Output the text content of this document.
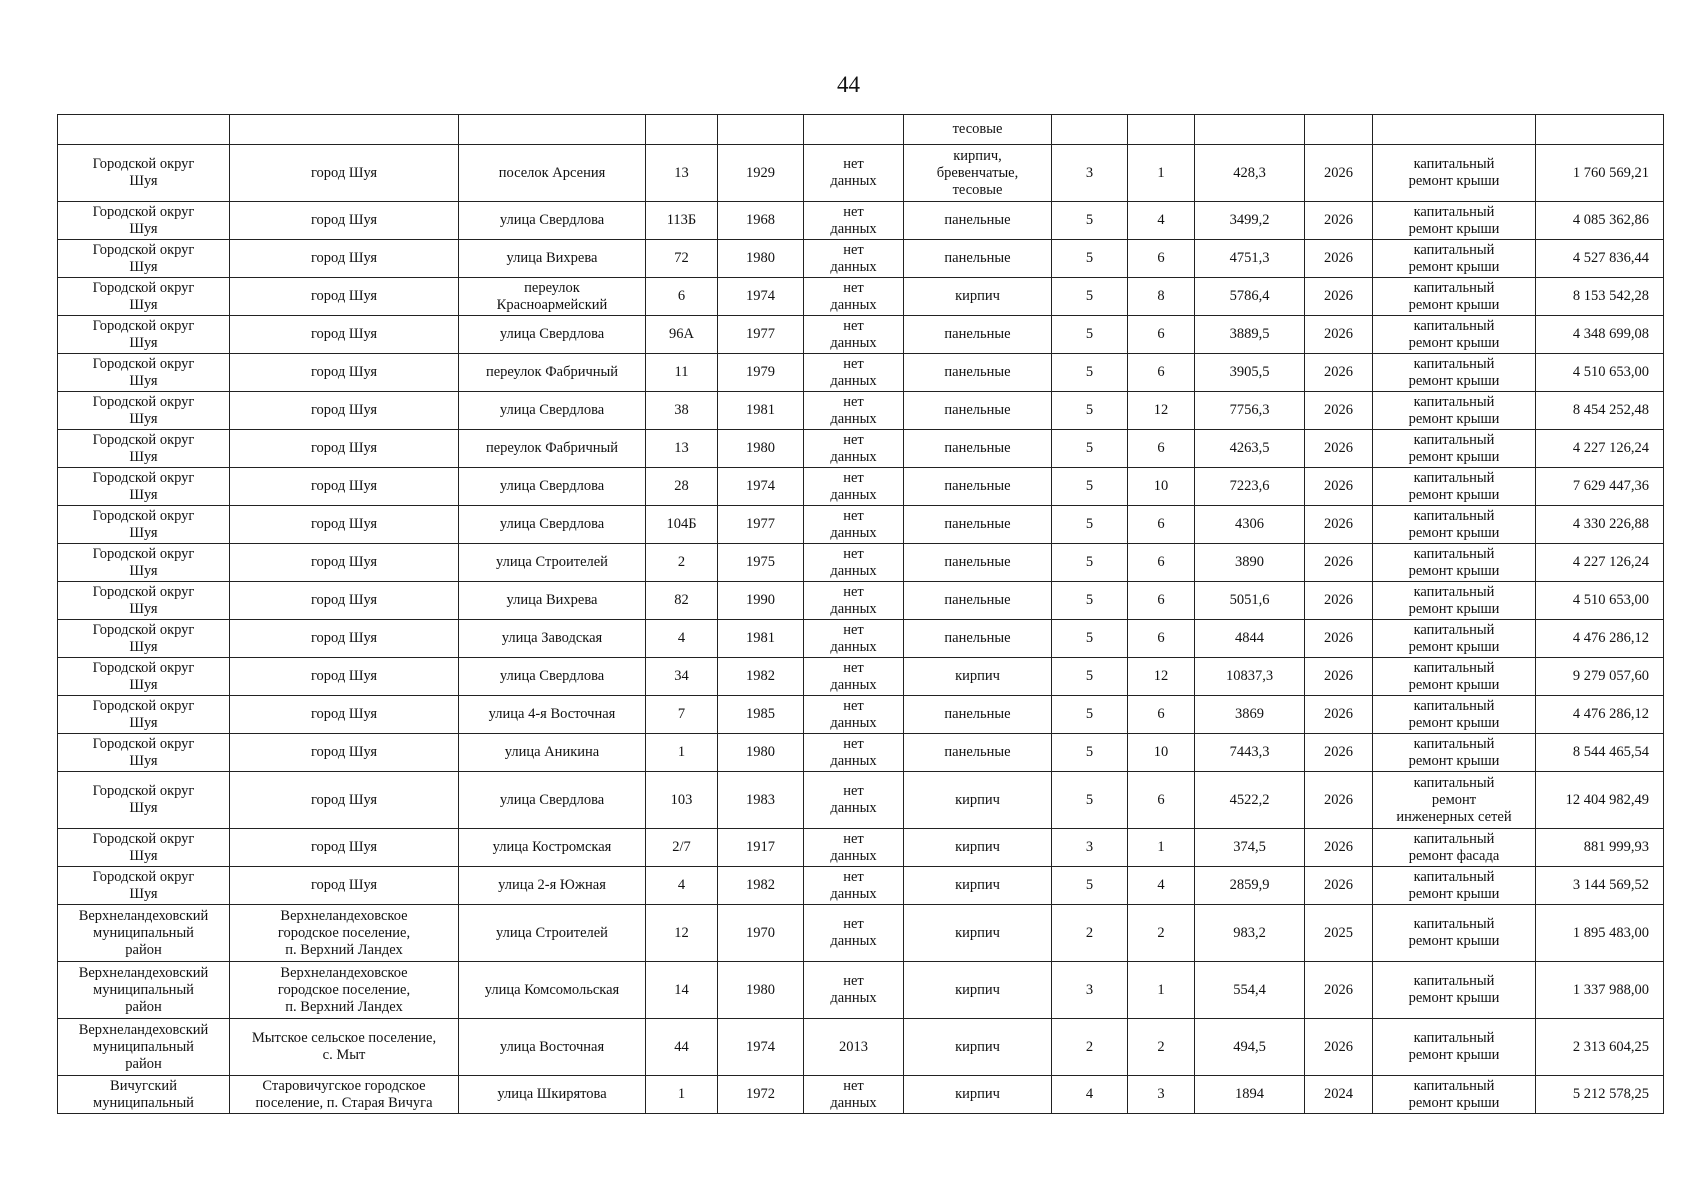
44
						тесовые						
Городской округ
Шуя	город Шуя	поселок Арсения	13	1929	нет
данных	кирпич,
бревенчатые,
тесовые	3	1	428,3	2026	капитальный
ремонт крыши	1 760 569,21
Городской округ
Шуя	город Шуя	улица Свердлова	113Б	1968	нет
данных	панельные	5	4	3499,2	2026	капитальный
ремонт крыши	4 085 362,86
Городской округ
Шуя	город Шуя	улица Вихрева	72	1980	нет
данных	панельные	5	6	4751,3	2026	капитальный
ремонт крыши	4 527 836,44
Городской округ
Шуя	город Шуя	переулок
Красноармейский	6	1974	нет
данных	кирпич	5	8	5786,4	2026	капитальный
ремонт крыши	8 153 542,28
Городской округ
Шуя	город Шуя	улица Свердлова	96А	1977	нет
данных	панельные	5	6	3889,5	2026	капитальный
ремонт крыши	4 348 699,08
Городской округ
Шуя	город Шуя	переулок Фабричный	11	1979	нет
данных	панельные	5	6	3905,5	2026	капитальный
ремонт крыши	4 510 653,00
Городской округ
Шуя	город Шуя	улица Свердлова	38	1981	нет
данных	панельные	5	12	7756,3	2026	капитальный
ремонт крыши	8 454 252,48
Городской округ
Шуя	город Шуя	переулок Фабричный	13	1980	нет
данных	панельные	5	6	4263,5	2026	капитальный
ремонт крыши	4 227 126,24
Городской округ
Шуя	город Шуя	улица Свердлова	28	1974	нет
данных	панельные	5	10	7223,6	2026	капитальный
ремонт крыши	7 629 447,36
Городской округ
Шуя	город Шуя	улица Свердлова	104Б	1977	нет
данных	панельные	5	6	4306	2026	капитальный
ремонт крыши	4 330 226,88
Городской округ
Шуя	город Шуя	улица Строителей	2	1975	нет
данных	панельные	5	6	3890	2026	капитальный
ремонт крыши	4 227 126,24
Городской округ
Шуя	город Шуя	улица Вихрева	82	1990	нет
данных	панельные	5	6	5051,6	2026	капитальный
ремонт крыши	4 510 653,00
Городской округ
Шуя	город Шуя	улица Заводская	4	1981	нет
данных	панельные	5	6	4844	2026	капитальный
ремонт крыши	4 476 286,12
Городской округ
Шуя	город Шуя	улица Свердлова	34	1982	нет
данных	кирпич	5	12	10837,3	2026	капитальный
ремонт крыши	9 279 057,60
Городской округ
Шуя	город Шуя	улица 4-я Восточная	7	1985	нет
данных	панельные	5	6	3869	2026	капитальный
ремонт крыши	4 476 286,12
Городской округ
Шуя	город Шуя	улица Аникина	1	1980	нет
данных	панельные	5	10	7443,3	2026	капитальный
ремонт крыши	8 544 465,54
Городской округ
Шуя	город Шуя	улица Свердлова	103	1983	нет
данных	кирпич	5	6	4522,2	2026	капитальный
ремонт
инженерных сетей	12 404 982,49
Городской округ
Шуя	город Шуя	улица Костромская	2/7	1917	нет
данных	кирпич	3	1	374,5	2026	капитальный
ремонт фасада	881 999,93
Городской округ
Шуя	город Шуя	улица 2-я Южная	4	1982	нет
данных	кирпич	5	4	2859,9	2026	капитальный
ремонт крыши	3 144 569,52
Верхнеландеховский
муниципальный
район	Верхнеландеховское
городское поселение,
п. Верхний Ландех	улица Строителей	12	1970	нет
данных	кирпич	2	2	983,2	2025	капитальный
ремонт крыши	1 895 483,00
Верхнеландеховский
муниципальный
район	Верхнеландеховское
городское поселение,
п. Верхний Ландех	улица Комсомольская	14	1980	нет
данных	кирпич	3	1	554,4	2026	капитальный
ремонт крыши	1 337 988,00
Верхнеландеховский
муниципальный
район	Мытское сельское поселение,
с. Мыт	улица Восточная	44	1974	2013	кирпич	2	2	494,5	2026	капитальный
ремонт крыши	2 313 604,25
Вичугский
муниципальный	Старовичугское городское
поселение, п. Старая Вичуга	улица Шкирятова	1	1972	нет
данных	кирпич	4	3	1894	2024	капитальный
ремонт крыши	5 212 578,25
